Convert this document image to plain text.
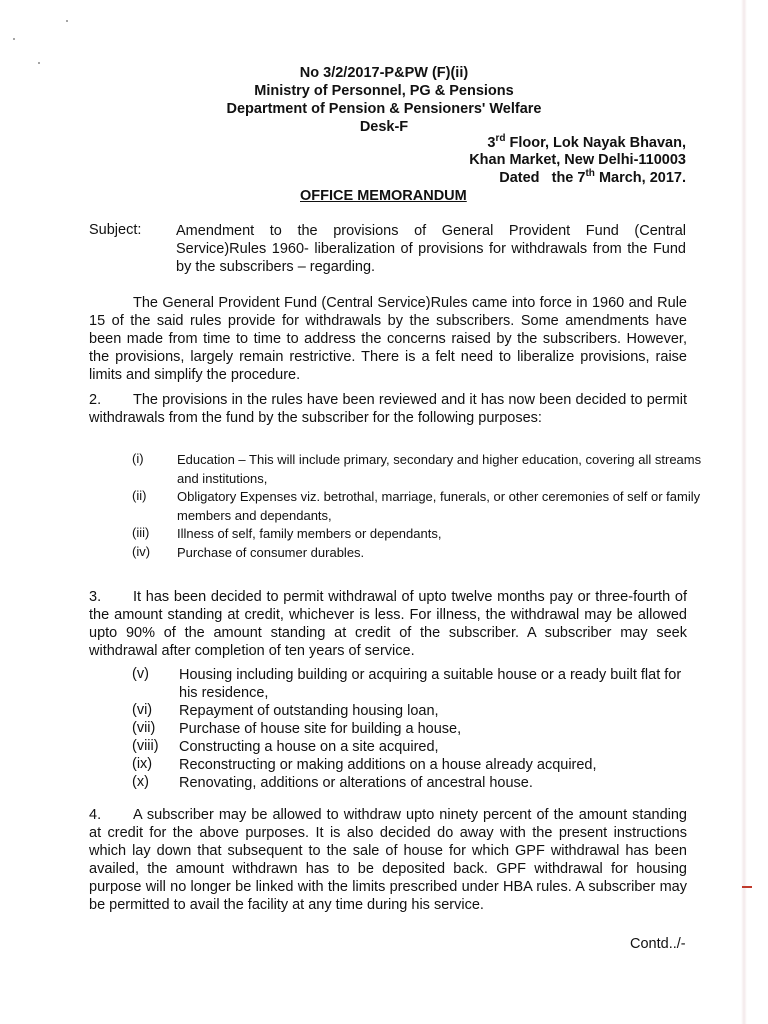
No 3/2/2017-P&PW (F)(ii)
Ministry of Personnel, PG & Pensions
Department of Pension & Pensioners' Welfare
Desk-F
3rd Floor, Lok Nayak Bhavan,
Khan Market, New Delhi-110003
Dated   the 7th March, 2017.
OFFICE MEMORANDUM
Subject: Amendment to the provisions of General Provident Fund (Central Service)Rules 1960- liberalization of provisions for withdrawals from the Fund by the subscribers – regarding.
The General Provident Fund (Central Service)Rules came into force in 1960 and Rule 15 of the said rules provide for withdrawals by the subscribers. Some amendments have been made from time to time to address the concerns raised by the subscribers. However, the provisions, largely remain restrictive. There is a felt need to liberalize provisions, raise limits and simplify the procedure.
2. The provisions in the rules have been reviewed and it has now been decided to permit withdrawals from the fund by the subscriber for the following purposes:
(i)	Education – This will include primary, secondary and higher education, covering all streams and institutions,
(ii) Obligatory Expenses viz. betrothal, marriage, funerals, or other ceremonies of self or family members and dependants,
(iii) Illness of self, family members or dependants,
(iv) Purchase of consumer durables.
3. It has been decided to permit withdrawal of upto twelve months pay or three-fourth of the amount standing at credit, whichever is less. For illness, the withdrawal may be allowed upto 90% of the amount standing at credit of the subscriber. A subscriber may seek withdrawal after completion of ten years of service.
(v) Housing including building or acquiring a suitable house or a ready built flat for his residence,
(vi) Repayment of outstanding housing loan,
(vii) Purchase of house site for building a house,
(viii) Constructing a house on a site acquired,
(ix) Reconstructing or making additions on a house already acquired,
(x) Renovating, additions or alterations of ancestral house.
4. A subscriber may be allowed to withdraw upto ninety percent of the amount standing at credit for the above purposes. It is also decided do away with the present instructions which lay down that subsequent to the sale of house for which GPF withdrawal has been availed, the amount withdrawn has to be deposited back. GPF withdrawal for housing purpose will no longer be linked with the limits prescribed under HBA rules. A subscriber may be permitted to avail the facility at any time during his service.
Contd../-
